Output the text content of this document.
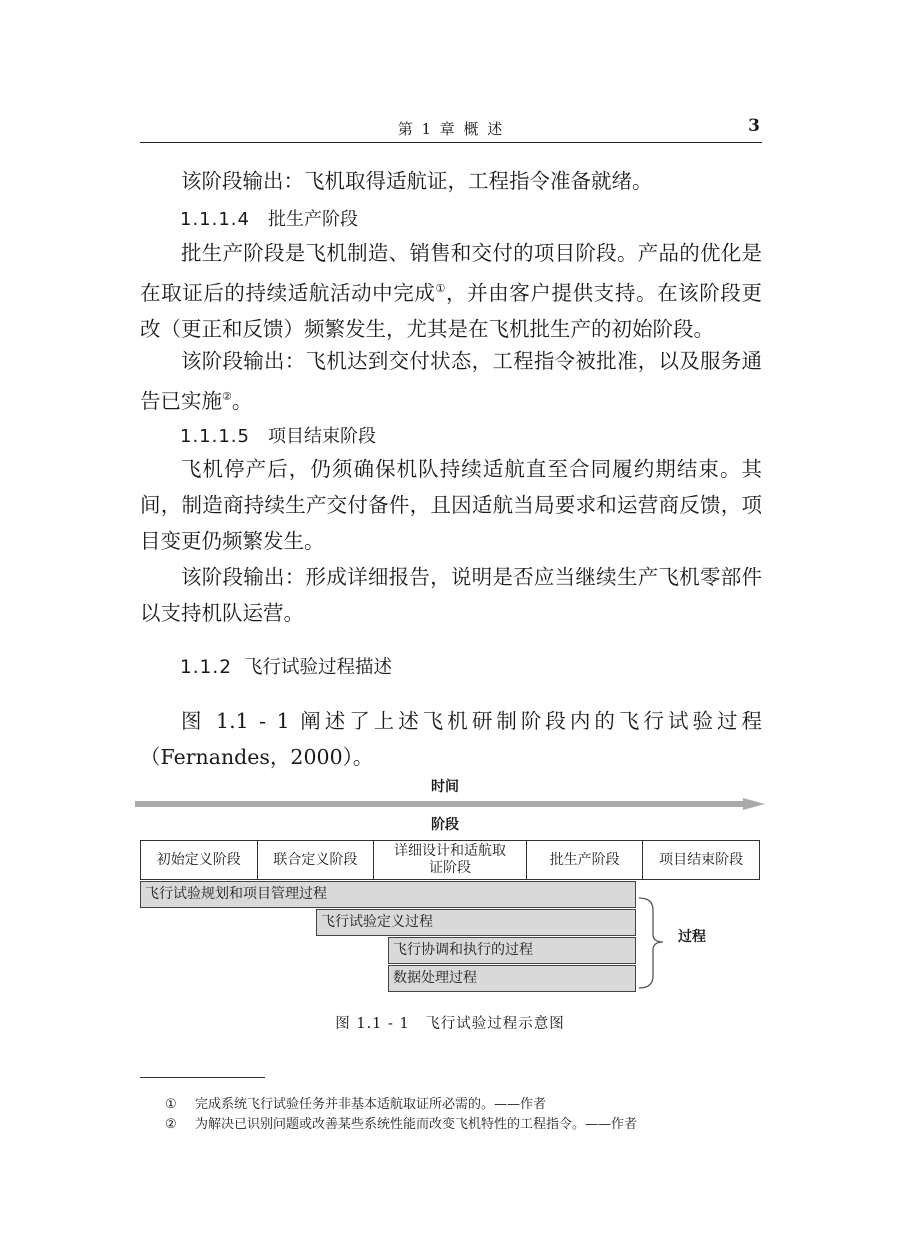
第 1 章 概 述	3
该阶段输出：飞机取得适航证，工程指令准备就绪。
1.1.1.4 批生产阶段
批生产阶段是飞机制造、销售和交付的项目阶段。产品的优化是在取证后的持续适航活动中完成①，并由客户提供支持。在该阶段更改（更正和反馈）频繁发生，尤其是在飞机批生产的初始阶段。
该阶段输出：飞机达到交付状态，工程指令被批准，以及服务通告已实施②。
1.1.1.5 项目结束阶段
飞机停产后，仍须确保机队持续适航直至合同履约期结束。其间，制造商持续生产交付备件，且因适航当局要求和运营商反馈，项目变更仍频繁发生。
该阶段输出：形成详细报告，说明是否应当继续生产飞机零部件以支持机队运营。
1.1.2 飞行试验过程描述
图 1.1 - 1 阐述了上述飞机研制阶段内的飞行试验过程（Fernandes，2000）。
时间
阶段
初始定义阶段	联合定义阶段
详细设计和适航取证阶段
批生产阶段	项目结束阶段
飞行试验规划和项目管理过程
飞行试验定义过程
飞行协调和执行的过程
数据处理过程
过程
图 1.1 - 1　飞行试验过程示意图
① 完成系统飞行试验任务并非基本适航取证所必需的。——作者
② 为解决已识别问题或改善某些系统性能而改变飞机特性的工程指令。——作者
